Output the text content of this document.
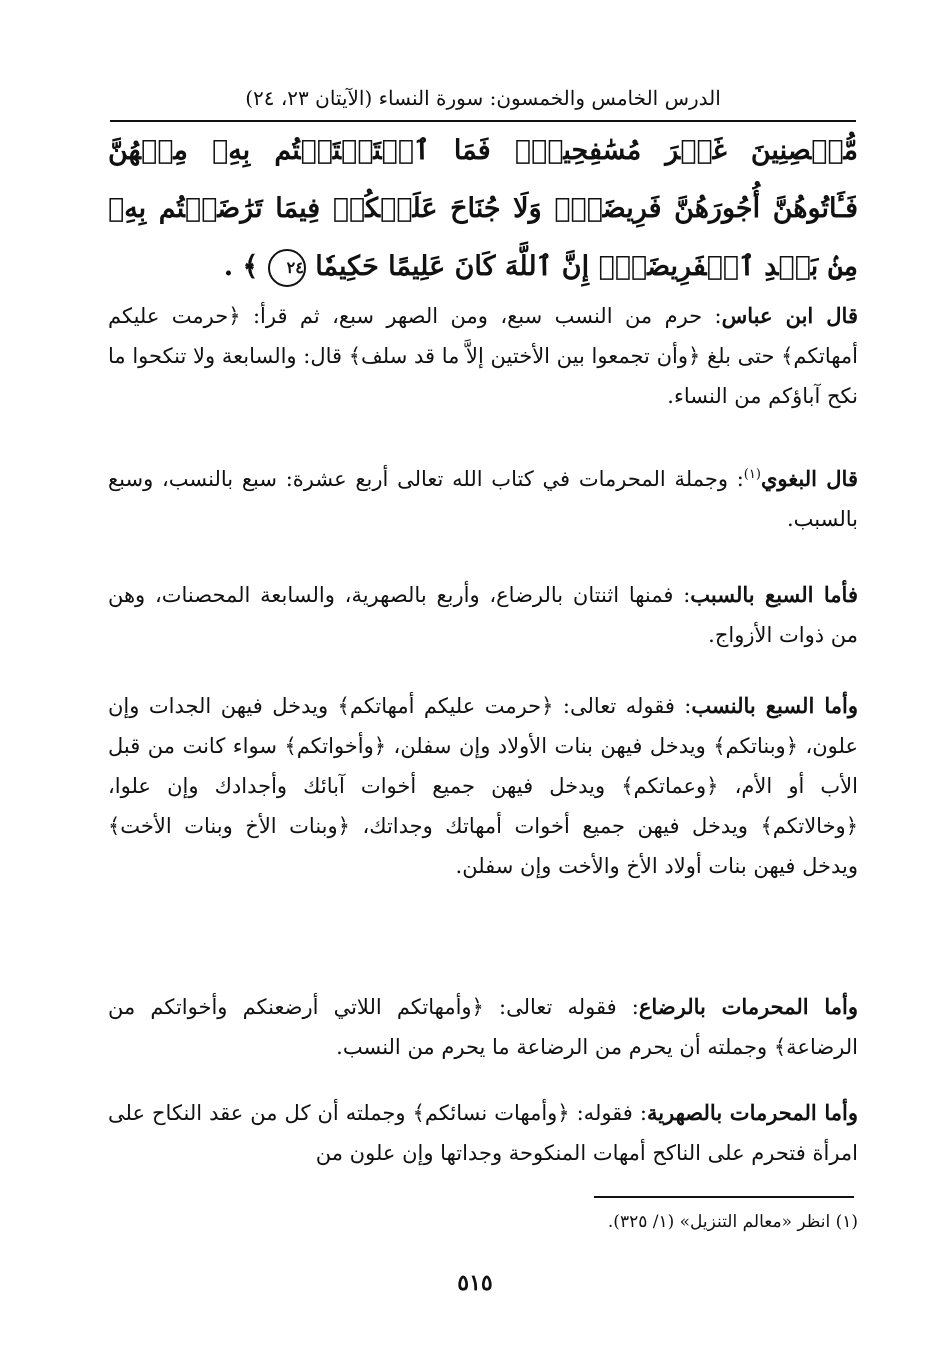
الدرس الخامس والخمسون: سورة النساء (الآيتان ٢٣، ٢٤)
مُّحۡصِنِينَ غَيۡرَ مُسَٰفِحِينَۚ فَمَا ٱسۡتَمۡتَعۡتُم بِهِۦ مِنۡهُنَّ فَـَٔاتُوهُنَّ أُجُورَهُنَّ فَرِيضَةٗۚ وَلَا جُنَاحَ عَلَيۡكُمۡ فِيمَا تَرَٰضَيۡتُم بِهِۦ مِنۢ بَعۡدِ ٱلۡفَرِيضَةِۚ إِنَّ ٱللَّهَ كَانَ عَلِيمًا حَكِيمٗا ٢٤ ﴾ .
قال ابن عباس: حرم من النسب سبع، ومن الصهر سبع، ثم قرأ: ﴿حرمت عليكم أمهاتكم﴾ حتى بلغ ﴿وأن تجمعوا بين الأختين إلاَّ ما قد سلف﴾ قال: والسابعة ولا تنكحوا ما نكح آباؤكم من النساء.
قال البغوي$^{(١)}$: وجملة المحرمات في كتاب الله تعالى أربع عشرة: سبع بالنسب، وسبع بالسبب.
فأما السبع بالسبب: فمنها اثنتان بالرضاع، وأربع بالصهرية، والسابعة المحصنات، وهن من ذوات الأزواج.
وأما السبع بالنسب: فقوله تعالى: ﴿حرمت عليكم أمهاتكم﴾ ويدخل فيهن الجدات وإن علون، ﴿وبناتكم﴾ ويدخل فيهن بنات الأولاد وإن سفلن، ﴿وأخواتكم﴾ سواء كانت من قبل الأب أو الأم، ﴿وعماتكم﴾ ويدخل فيهن جميع أخوات آبائك وأجدادك وإن علوا، ﴿وخالاتكم﴾ ويدخل فيهن جميع أخوات أمهاتك وجداتك، ﴿وبنات الأخ وبنات الأخت﴾ ويدخل فيهن بنات أولاد الأخ والأخت وإن سفلن.
وأما المحرمات بالرضاع: فقوله تعالى: ﴿وأمهاتكم اللاتي أرضعنكم وأخواتكم من الرضاعة﴾ وجملته أن يحرم من الرضاعة ما يحرم من النسب.
وأما المحرمات بالصهرية: فقوله: ﴿وأمهات نسائكم﴾ وجملته أن كل من عقد النكاح على امرأة فتحرم على الناكح أمهات المنكوحة وجداتها وإن علون من
(١) انظر «معالم التنزيل» (١/ ٣٢٥).
٥١٥
